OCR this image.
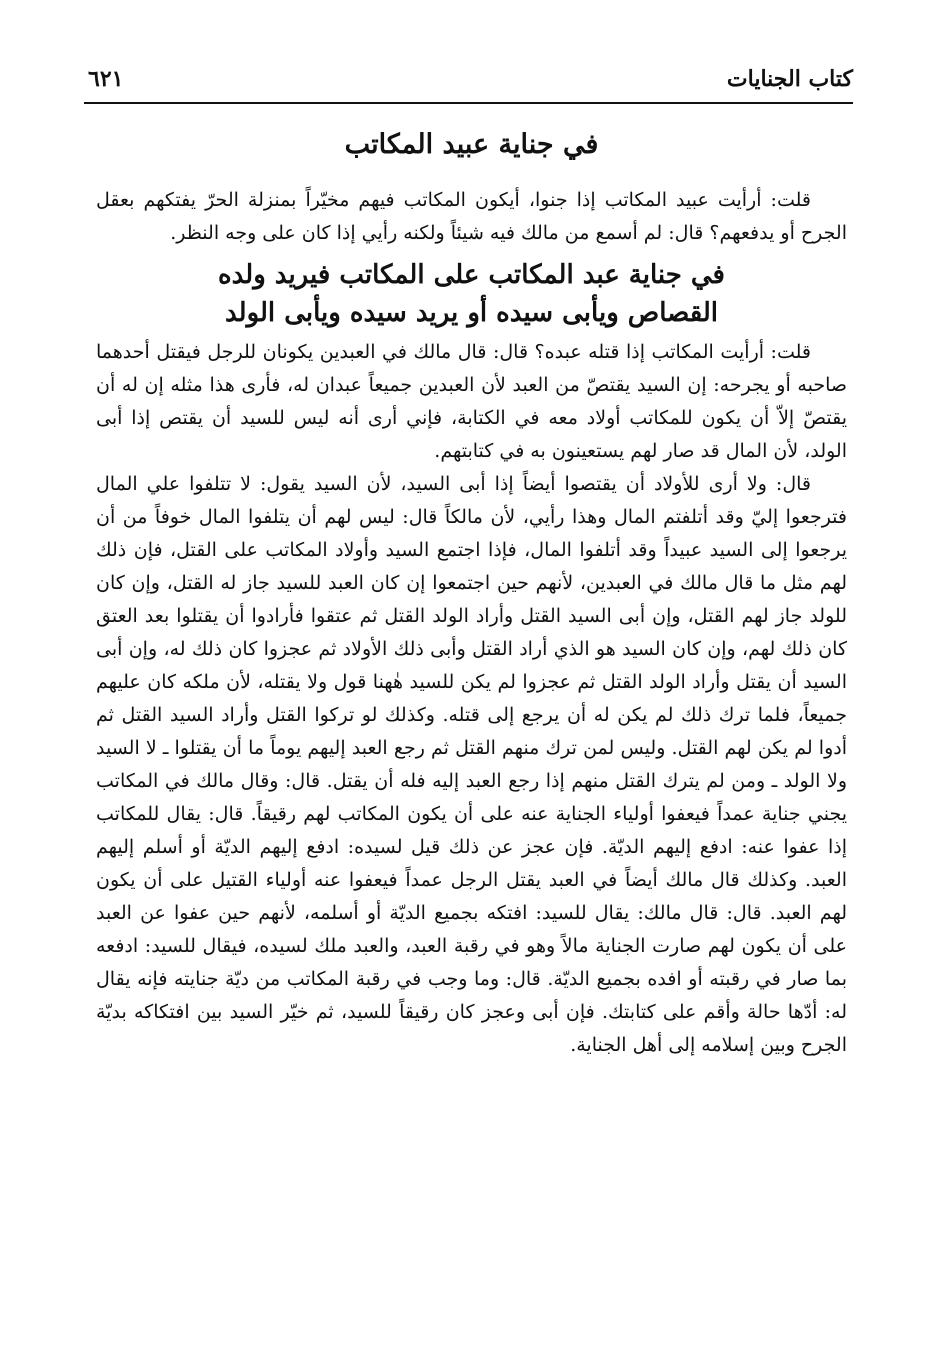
كتاب الجنايات
٦٢١
في جناية عبيد المكاتب

قلت: أرأيت عبيد المكاتب إذا جنوا، أيكون المكاتب فيهم مخيّراً بمنزلة الحرّ يفتكهم بعقل الجرح أو يدفعهم؟ قال: لم أسمع من مالك فيه شيئاً ولكنه رأيي إذا كان على وجه النظر.

في جناية عبد المكاتب على المكاتب فيريد ولده
القصاص ويأبى سيده أو يريد سيده ويأبى الولد

قلت: أرأيت المكاتب إذا قتله عبده؟ قال: قال مالك في العبدين يكونان للرجل فيقتل أحدهما صاحبه أو يجرحه: إن السيد يقتصّ من العبد لأن العبدين جميعاً عبدان له، فأرى هذا مثله إن له أن يقتصّ إلاّ أن يكون للمكاتب أولاد معه في الكتابة، فإني أرى أنه ليس للسيد أن يقتص إذا أبى الولد، لأن المال قد صار لهم يستعينون به في كتابتهم.

قال: ولا أرى للأولاد أن يقتصوا أيضاً إذا أبى السيد، لأن السيد يقول: لا تتلفوا علي المال فترجعوا إليّ وقد أتلفتم المال وهذا رأيي، لأن مالكاً قال: ليس لهم أن يتلفوا المال خوفاً من أن يرجعوا إلى السيد عبيداً وقد أتلفوا المال، فإذا اجتمع السيد وأولاد المكاتب على القتل، فإن ذلك لهم مثل ما قال مالك في العبدين، لأنهم حين اجتمعوا إن كان العبد للسيد جاز له القتل، وإن كان للولد جاز لهم القتل، وإن أبى السيد القتل وأراد الولد القتل ثم عتقوا فأرادوا أن يقتلوا بعد العتق كان ذلك لهم، وإن كان السيد هو الذي أراد القتل وأبى ذلك الأولاد ثم عجزوا كان ذلك له، وإن أبى السيد أن يقتل وأراد الولد القتل ثم عجزوا لم يكن للسيد هٰهنا قول ولا يقتله، لأن ملكه كان عليهم جميعاً، فلما ترك ذلك لم يكن له أن يرجع إلى قتله. وكذلك لو تركوا القتل وأراد السيد القتل ثم أدوا لم يكن لهم القتل. وليس لمن ترك منهم القتل ثم رجع العبد إليهم يوماً ما أن يقتلوا ـ لا السيد ولا الولد ـ ومن لم يترك القتل منهم إذا رجع العبد إليه فله أن يقتل. قال: وقال مالك في المكاتب يجني جناية عمداً فيعفوا أولياء الجناية عنه على أن يكون المكاتب لهم رقيقاً. قال: يقال للمكاتب إذا عفوا عنه: ادفع إليهم الديّة. فإن عجز عن ذلك قيل لسيده: ادفع إليهم الديّة أو أسلم إليهم العبد. وكذلك قال مالك أيضاً في العبد يقتل الرجل عمداً فيعفوا عنه أولياء القتيل على أن يكون لهم العبد. قال: قال مالك: يقال للسيد: افتكه بجميع الديّة أو أسلمه، لأنهم حين عفوا عن العبد على أن يكون لهم صارت الجناية مالاً وهو في رقبة العبد، والعبد ملك لسيده، فيقال للسيد: ادفعه بما صار في رقبته أو افده بجميع الديّة. قال: وما وجب في رقبة المكاتب من ديّة جنايته فإنه يقال له: أدّها حالة وأقم على كتابتك. فإن أبى وعجز كان رقيقاً للسيد، ثم خيّر السيد بين افتكاكه بديّة الجرح وبين إسلامه إلى أهل الجناية.
